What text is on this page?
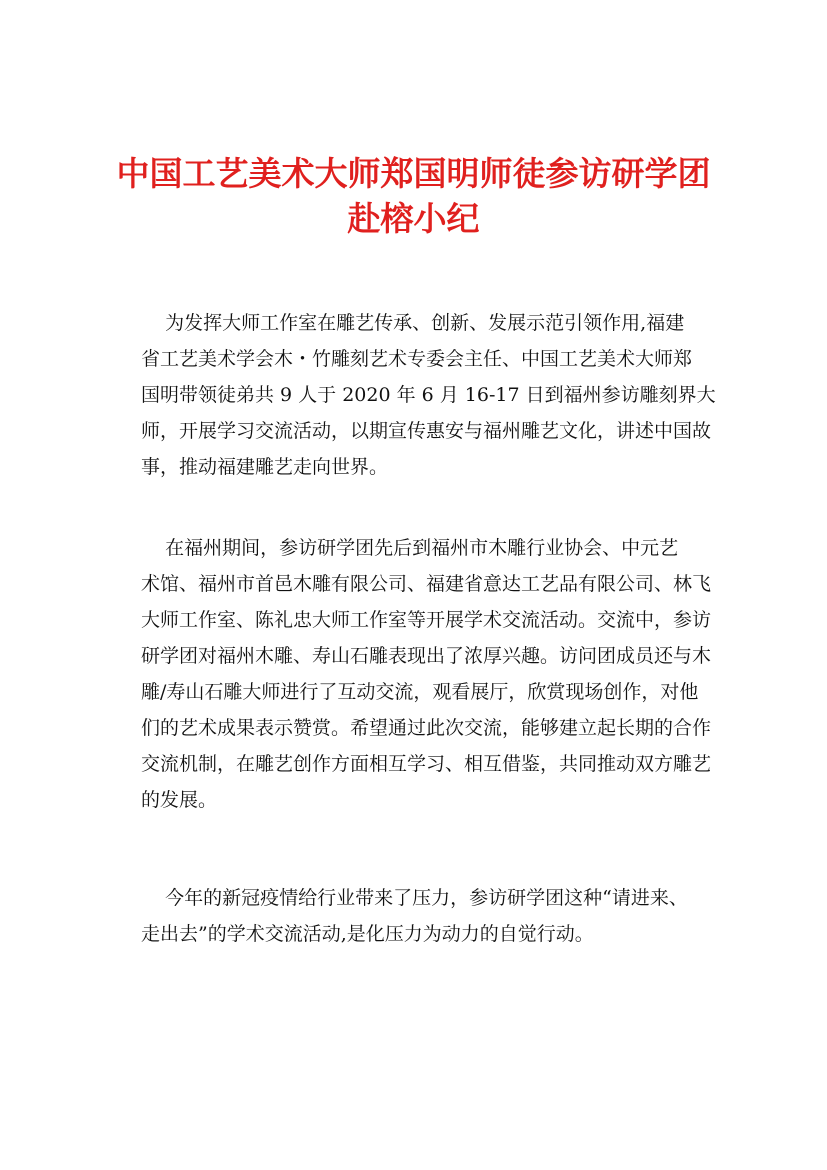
中国工艺美术大师郑国明师徒参访研学团
赴榕小纪
为发挥大师工作室在雕艺传承、创新、发展示范引领作用,福建
省工艺美术学会木・竹雕刻艺术专委会主任、中国工艺美术大师郑
国明带领徒弟共 9 人于 2020 年 6 月 16-17 日到福州参访雕刻界大
师，开展学习交流活动，以期宣传惠安与福州雕艺文化，讲述中国故
事，推动福建雕艺走向世界。
在福州期间，参访研学团先后到福州市木雕行业协会、中元艺
术馆、福州市首邑木雕有限公司、福建省意达工艺品有限公司、林飞
大师工作室、陈礼忠大师工作室等开展学术交流活动。交流中，参访
研学团对福州木雕、寿山石雕表现出了浓厚兴趣。访问团成员还与木
雕/寿山石雕大师进行了互动交流，观看展厅，欣赏现场创作，对他
们的艺术成果表示赞赏。希望通过此次交流，能够建立起长期的合作
交流机制，在雕艺创作方面相互学习、相互借鉴，共同推动双方雕艺
的发展。
今年的新冠疫情给行业带来了压力，参访研学团这种“请进来、
走出去”的学术交流活动,是化压力为动力的自觉行动。
